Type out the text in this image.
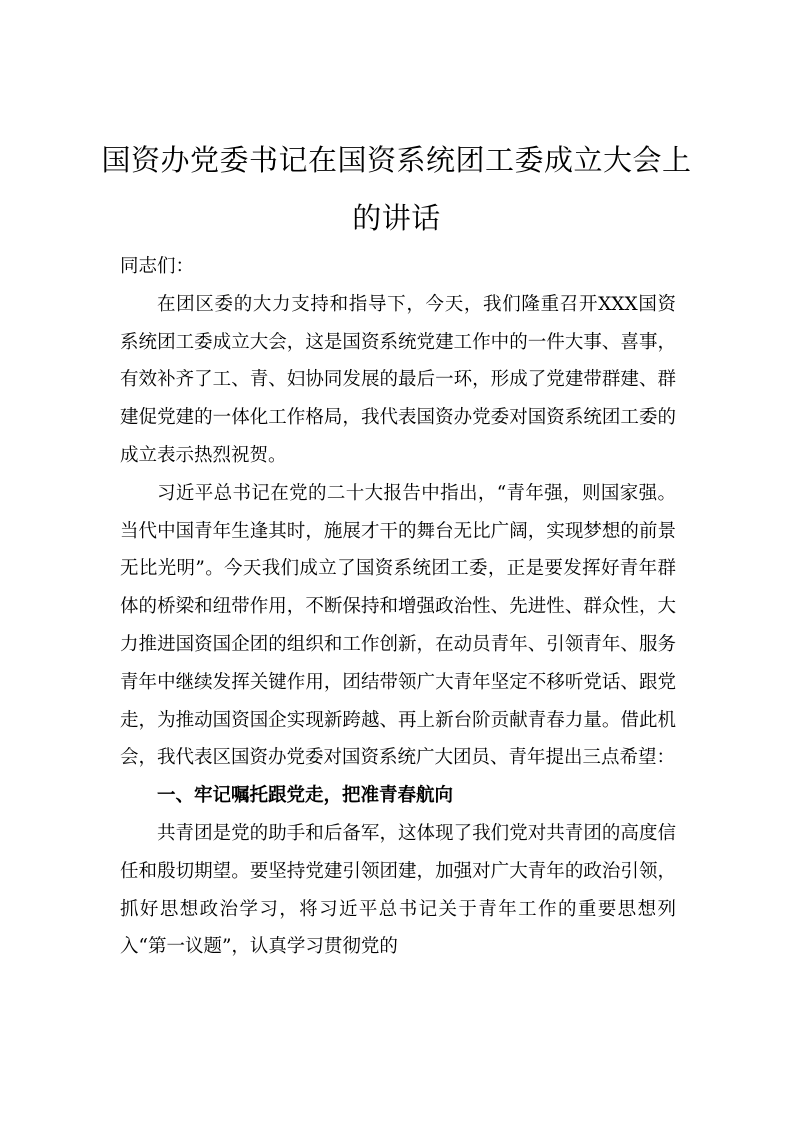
国资办党委书记在国资系统团工委成立大会上的讲话

同志们：

在团区委的大力支持和指导下，今天，我们隆重召开XXX国资系统团工委成立大会，这是国资系统党建工作中的一件大事、喜事，有效补齐了工、青、妇协同发展的最后一环，形成了党建带群建、群建促党建的一体化工作格局，我代表国资办党委对国资系统团工委的成立表示热烈祝贺。

习近平总书记在党的二十大报告中指出，“青年强，则国家强。当代中国青年生逢其时，施展才干的舞台无比广阔，实现梦想的前景无比光明”。今天我们成立了国资系统团工委，正是要发挥好青年群体的桥梁和纽带作用，不断保持和增强政治性、先进性、群众性，大力推进国资国企团的组织和工作创新，在动员青年、引领青年、服务青年中继续发挥关键作用，团结带领广大青年坚定不移听党话、跟党走，为推动国资国企实现新跨越、再上新台阶贡献青春力量。借此机会，我代表区国资办党委对国资系统广大团员、青年提出三点希望：

一、牢记嘱托跟党走，把准青春航向

共青团是党的助手和后备军，这体现了我们党对共青团的高度信任和殷切期望。要坚持党建引领团建，加强对广大青年的政治引领，抓好思想政治学习，将习近平总书记关于青年工作的重要思想列入“第一议题”，认真学习贯彻党的
